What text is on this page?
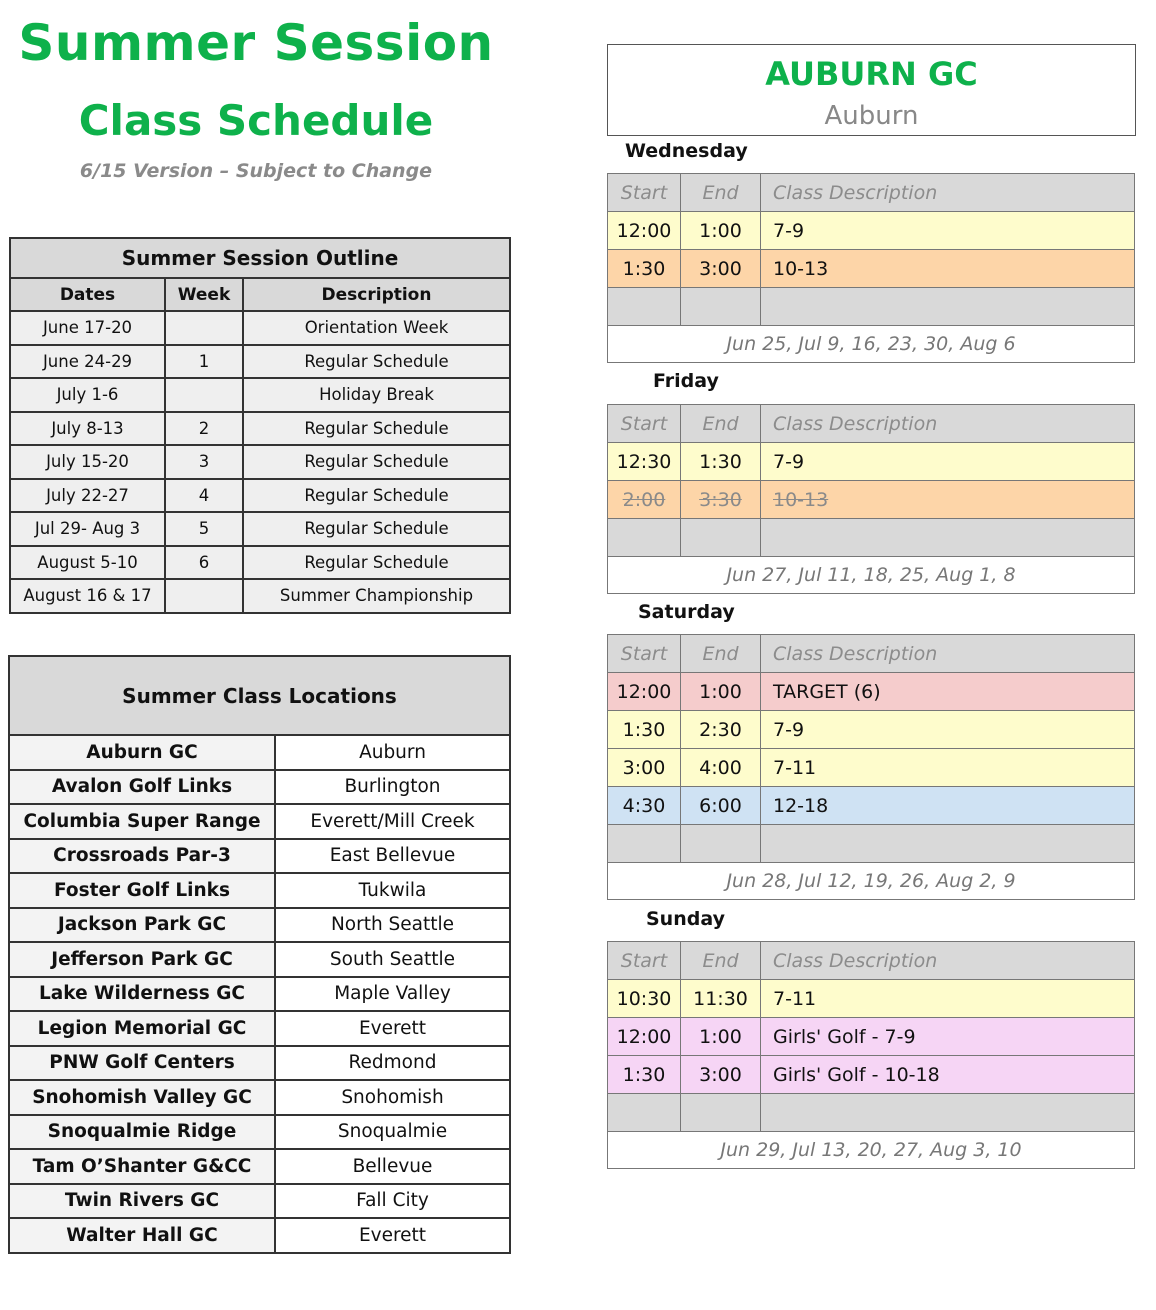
Summer Session
Class Schedule
6/15 Version – Subject to Change
Summer Session Outline		
Dates	Week	Description
June 17-20		Orientation Week
June 24-29	1	Regular Schedule
July 1-6		Holiday Break
July 8-13	2	Regular Schedule
July 15-20	3	Regular Schedule
July 22-27	4	Regular Schedule
Jul 29- Aug 3	5	Regular Schedule
August 5-10	6	Regular Schedule
August 16 & 17		Summer Championship
Summer Class Locations	
Auburn GC	Auburn
Avalon Golf Links	Burlington
Columbia Super Range	Everett/Mill Creek
Crossroads Par-3	East Bellevue
Foster Golf Links	Tukwila
Jackson Park GC	North Seattle
Jefferson Park GC	South Seattle
Lake Wilderness GC	Maple Valley
Legion Memorial GC	Everett
PNW Golf Centers	Redmond
Snohomish Valley GC	Snohomish
Snoqualmie Ridge	Snoqualmie
Tam O’Shanter G&CC	Bellevue
Twin Rivers GC	Fall City
Walter Hall GC	Everett
AUBURN GC
Auburn
Wednesday
Start	End	Class Description
12:00	1:00	7-9
1:30	3:00	10-13

Jun 25, Jul 9, 16, 23, 30, Aug 6		
Friday
Start	End	Class Description
12:30	1:30	7-9
2:00	3:30	10-13

Jun 27, Jul 11, 18, 25, Aug 1, 8		
Saturday
Start	End	Class Description
12:00	1:00	TARGET (6)
1:30	2:30	7-9
3:00	4:00	7-11
4:30	6:00	12-18

Jun 28, Jul 12, 19, 26, Aug 2, 9		
Sunday
Start	End	Class Description
10:30	11:30	7-11
12:00	1:00	Girls' Golf - 7-9
1:30	3:00	Girls' Golf - 10-18

Jun 29, Jul 13, 20, 27, Aug 3, 10		
